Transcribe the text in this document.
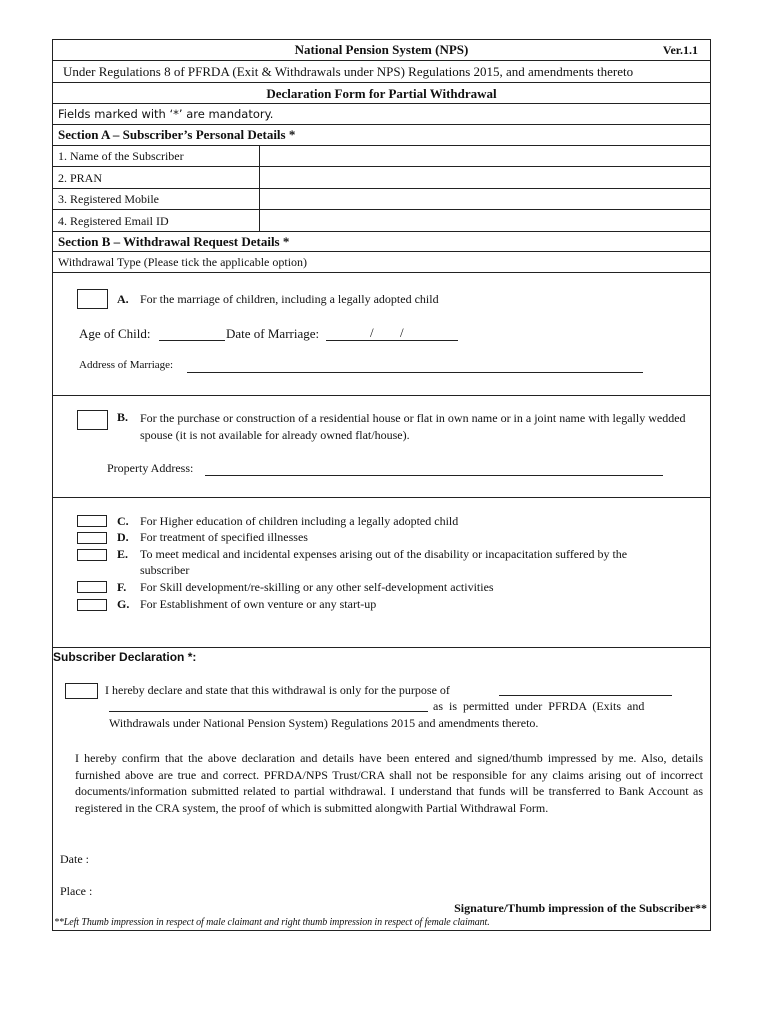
National Pension System (NPS)	Ver.1.1
Under Regulations 8 of PFRDA (Exit & Withdrawals under NPS) Regulations 2015, and amendments thereto
Declaration Form for Partial Withdrawal
Fields marked with ‘*’ are mandatory.
Section A – Subscriber’s Personal Details *
1. Name of the Subscriber
2. PRAN
3. Registered Mobile
4. Registered Email ID
Section B – Withdrawal Request Details *
Withdrawal Type (Please tick the applicable option)
A. For the marriage of children, including a legally adopted child
Age of Child:	Date of Marriage:	/ /
Address of Marriage:
B. For the purchase or construction of a residential house or flat in own name or in a joint name with legally wedded spouse (it is not available for already owned flat/house).
Property Address:
C. For Higher education of children including a legally adopted child
D. For treatment of specified illnesses
E. To meet medical and incidental expenses arising out of the disability or incapacitation suffered by the
subscriber
F. For Skill development/re-skilling or any other self-development activities
G. For Establishment of own venture or any start-up
Subscriber Declaration *:
I hereby declare and state that this withdrawal is only for the purpose of
as is permitted under PFRDA (Exits and
Withdrawals under National Pension System) Regulations 2015 and amendments thereto.
I hereby confirm that the above declaration and details have been entered and signed/thumb impressed by me. Also, details furnished above are true and correct. PFRDA/NPS Trust/CRA shall not be responsible for any claims arising out of incorrect documents/information submitted related to partial withdrawal. I understand that funds will be transferred to Bank Account as registered in the CRA system, the proof of which is submitted alongwith Partial Withdrawal Form.
Date :
Place :
Signature/Thumb impression of the Subscriber**
**Left Thumb impression in respect of male claimant and right thumb impression in respect of female claimant.
